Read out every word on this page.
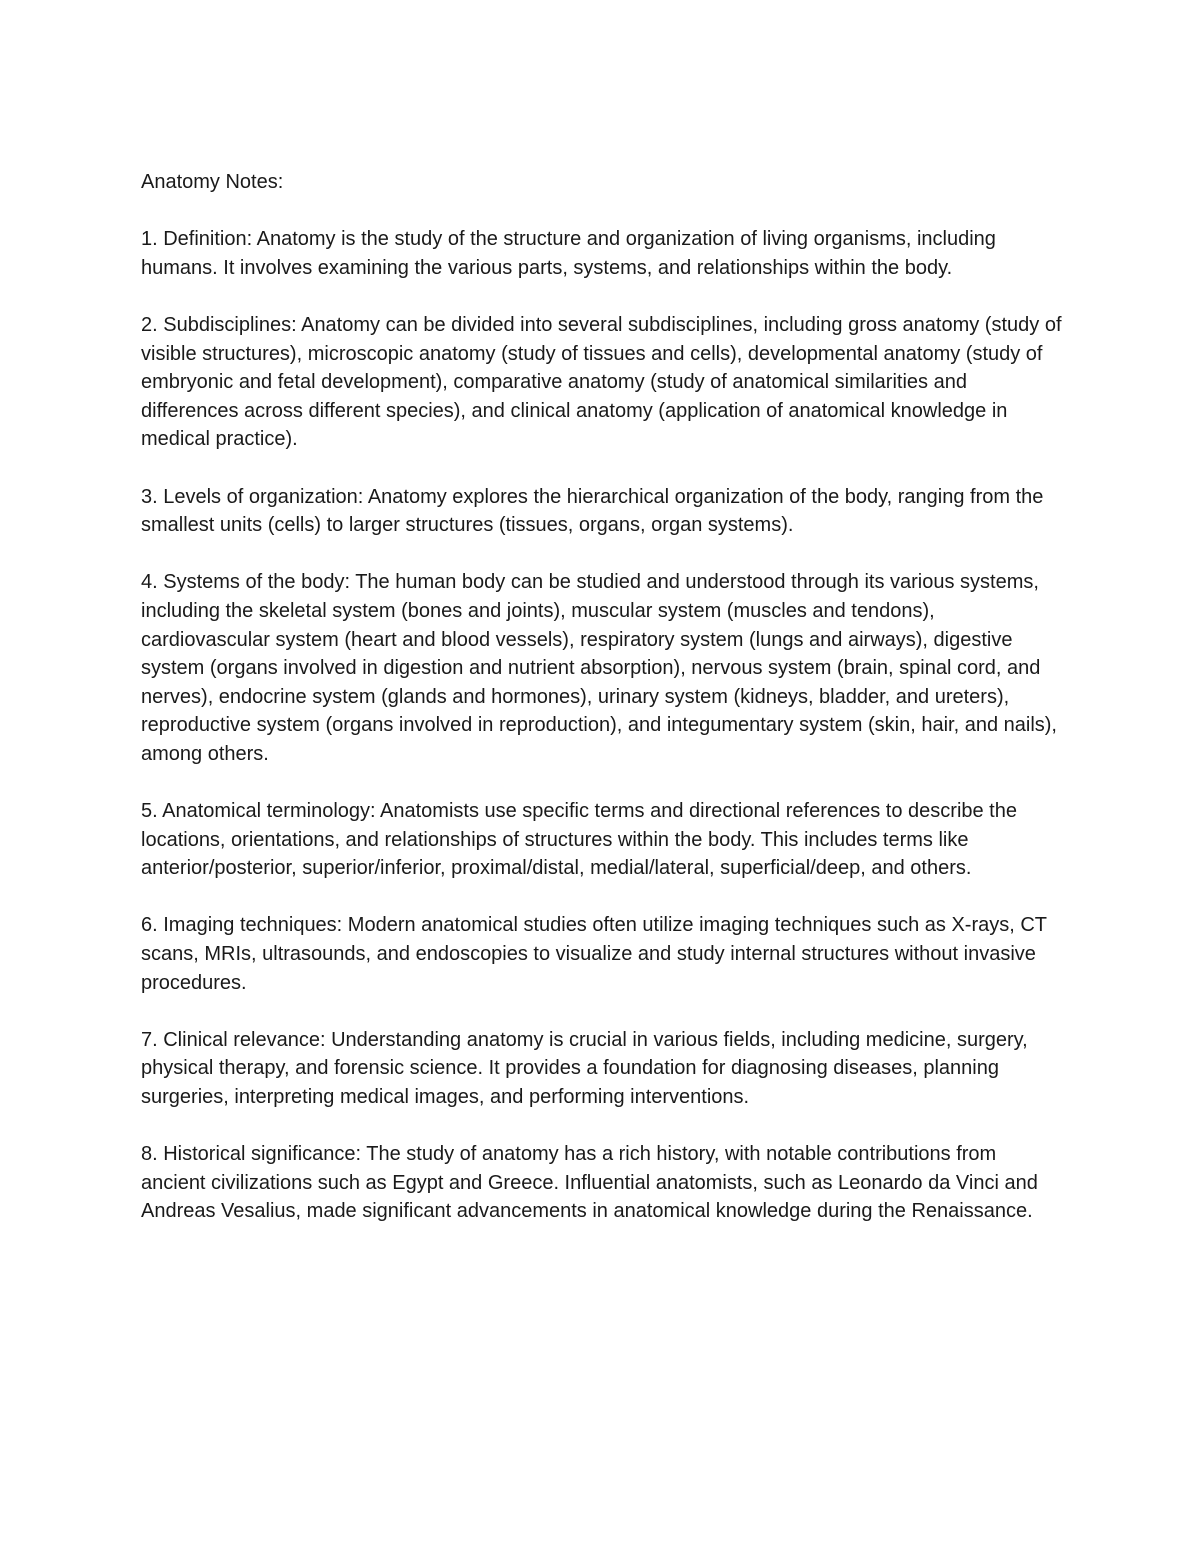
Anatomy Notes:

1. Definition: Anatomy is the study of the structure and organization of living organisms, including humans. It involves examining the various parts, systems, and relationships within the body.

2. Subdisciplines: Anatomy can be divided into several subdisciplines, including gross anatomy (study of visible structures), microscopic anatomy (study of tissues and cells), developmental anatomy (study of embryonic and fetal development), comparative anatomy (study of anatomical similarities and differences across different species), and clinical anatomy (application of anatomical knowledge in medical practice).

3. Levels of organization: Anatomy explores the hierarchical organization of the body, ranging from the smallest units (cells) to larger structures (tissues, organs, organ systems).

4. Systems of the body: The human body can be studied and understood through its various systems, including the skeletal system (bones and joints), muscular system (muscles and tendons), cardiovascular system (heart and blood vessels), respiratory system (lungs and airways), digestive system (organs involved in digestion and nutrient absorption), nervous system (brain, spinal cord, and nerves), endocrine system (glands and hormones), urinary system (kidneys, bladder, and ureters), reproductive system (organs involved in reproduction), and integumentary system (skin, hair, and nails), among others.

5. Anatomical terminology: Anatomists use specific terms and directional references to describe the locations, orientations, and relationships of structures within the body. This includes terms like anterior/posterior, superior/inferior, proximal/distal, medial/lateral, superficial/deep, and others.

6. Imaging techniques: Modern anatomical studies often utilize imaging techniques such as X-rays, CT scans, MRIs, ultrasounds, and endoscopies to visualize and study internal structures without invasive procedures.

7. Clinical relevance: Understanding anatomy is crucial in various fields, including medicine, surgery, physical therapy, and forensic science. It provides a foundation for diagnosing diseases, planning surgeries, interpreting medical images, and performing interventions.

8. Historical significance: The study of anatomy has a rich history, with notable contributions from ancient civilizations such as Egypt and Greece. Influential anatomists, such as Leonardo da Vinci and Andreas Vesalius, made significant advancements in anatomical knowledge during the Renaissance.
